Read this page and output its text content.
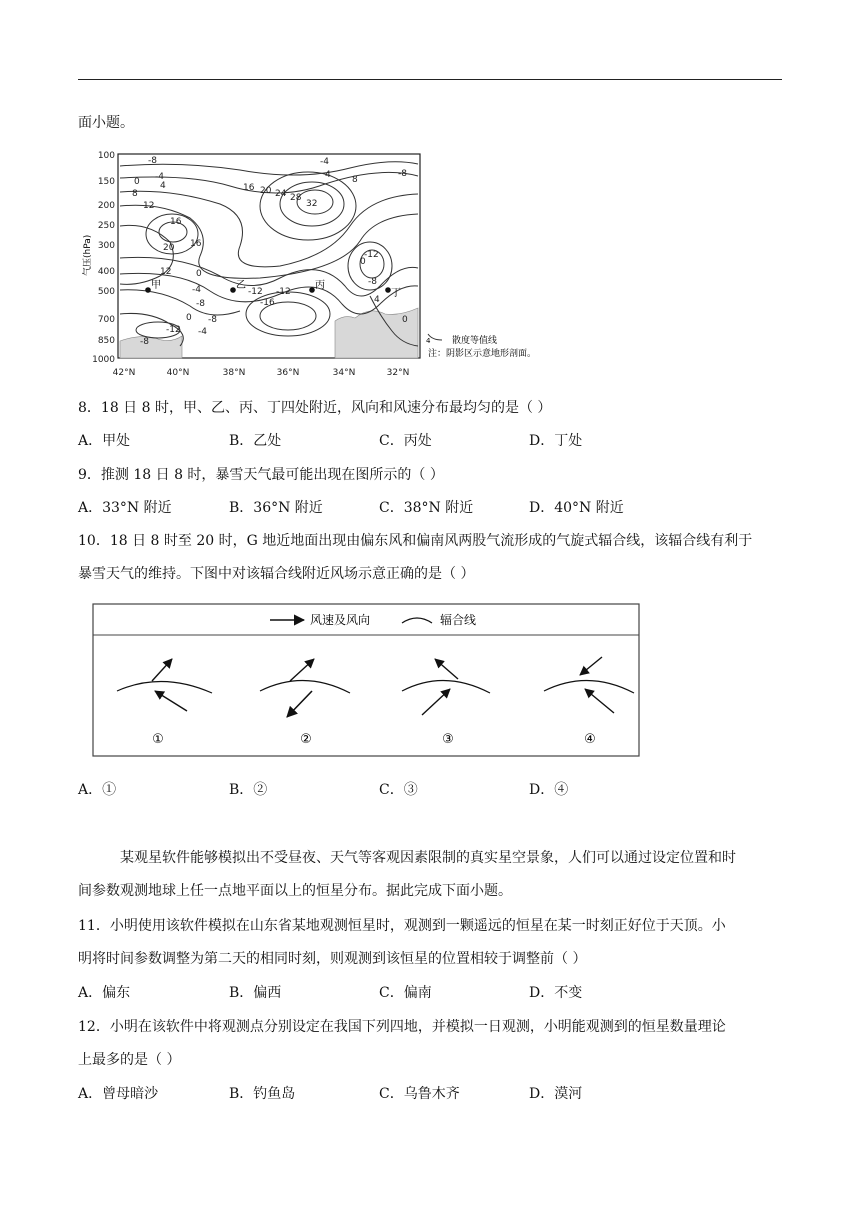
面小题。
甲	乙	丙
丁
-8
-4
0 4
8
12
16
20
-4
4 8
-8
16 20 24 28
32
12
16
-12
-8
0
-4
-8
-12
-16
-12
0 -8
-4
0
-12
-8
4
0
气压(hPa)
100
150
200
250
300
400
500
700
850
1000
42°N	40°N	38°N	36°N	34°N	32°N
4 散度等值线
注：阴影区示意地形剖面。
8．18 日 8 时，甲、乙、丙、丁四处附近，风向和风速分布最均匀的是（ ）
A．甲处	B．乙处	C．丙处	D．丁处
9．推测 18 日 8 时，暴雪天气最可能出现在图所示的（ ）
A．33°N 附近	B．36°N 附近	C．38°N 附近	D．40°N 附近
10．18 日 8 时至 20 时，G 地近地面出现由偏东风和偏南风两股气流形成的气旋式辐合线，该辐合线有利于
暴雪天气的维持。下图中对该辐合线附近风场示意正确的是（ ）
风速及风向	辐合线
①	②	③	④
A．①	B．②	C．③	D．④
某观星软件能够模拟出不受昼夜、天气等客观因素限制的真实星空景象，人们可以通过设定位置和时
间参数观测地球上任一点地平面以上的恒星分布。据此完成下面小题。
11．小明使用该软件模拟在山东省某地观测恒星时，观测到一颗遥远的恒星在某一时刻正好位于天顶。小
明将时间参数调整为第二天的相同时刻，则观测到该恒星的位置相较于调整前（ ）
A．偏东	B．偏西	C．偏南	D．不变
12．小明在该软件中将观测点分别设定在我国下列四地，并模拟一日观测，小明能观测到的恒星数量理论
上最多的是（ ）
A．曾母暗沙	B．钓鱼岛	C．乌鲁木齐	D．漠河
